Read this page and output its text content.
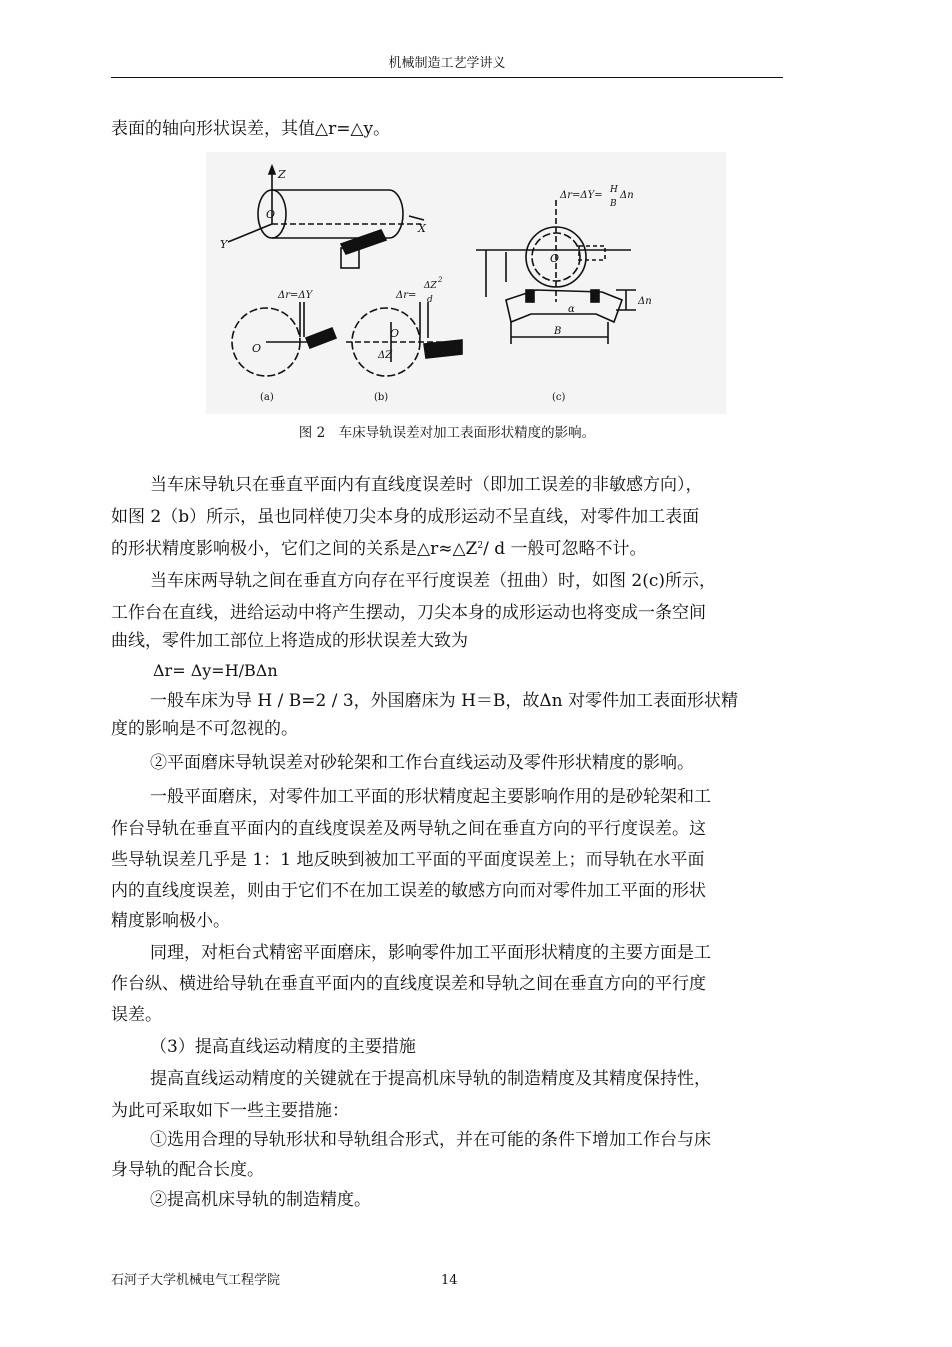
机械制造工艺学讲义
表面的轴向形状误差，其值△r=△y。
Z
Y
X
O
O
O
O
Δr=ΔY	Δr=
ΔZ
2
d
ΔZ
Δr=ΔY= H
B
Δn
α
B
Δn
(a)	(b)	(c)
图 2　车床导轨误差对加工表面形状精度的影响。
当车床导轨只在垂直平面内有直线度误差时（即加工误差的非敏感方向），
如图 2（b）所示，虽也同样使刀尖本身的成形运动不呈直线，对零件加工表面
的形状精度影响极小，它们之间的关系是$\triangle r\approx\triangle Z^2/$ d 一般可忽略不计。
当车床两导轨之间在垂直方向存在平行度误差（扭曲）时，如图 2(c)所示，
工作台在直线，进给运动中将产生摆动，刀尖本身的成形运动也将变成一条空间
曲线，零件加工部位上将造成的形状误差大致为
Δr= Δy=H/BΔn
一般车床为导 H / B=2 / 3，外国磨床为 H＝B，故Δn 对零件加工表面形状精
度的影响是不可忽视的。
②平面磨床导轨误差对砂轮架和工作台直线运动及零件形状精度的影响。
一般平面磨床，对零件加工平面的形状精度起主要影响作用的是砂轮架和工
作台导轨在垂直平面内的直线度误差及两导轨之间在垂直方向的平行度误差。这
些导轨误差几乎是 1：1 地反映到被加工平面的平面度误差上；而导轨在水平面
内的直线度误差，则由于它们不在加工误差的敏感方向而对零件加工平面的形状
精度影响极小。
同理，对柜台式精密平面磨床，影响零件加工平面形状精度的主要方面是工
作台纵、横进给导轨在垂直平面内的直线度误差和导轨之间在垂直方向的平行度
误差。
（3）提高直线运动精度的主要措施
提高直线运动精度的关键就在于提高机床导轨的制造精度及其精度保持性，
为此可采取如下一些主要措施：
①选用合理的导轨形状和导轨组合形式，并在可能的条件下增加工作台与床
身导轨的配合长度。
②提高机床导轨的制造精度。
石河子大学机械电气工程学院	14
